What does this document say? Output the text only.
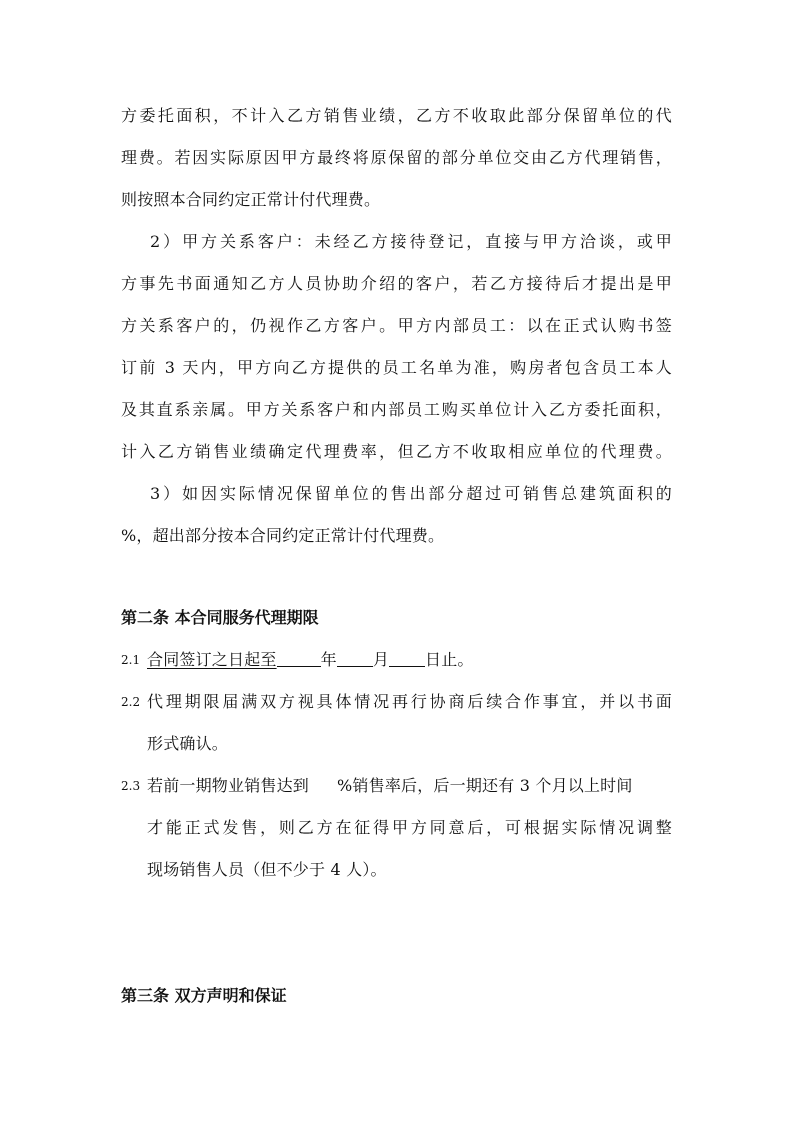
方委托面积，不计入乙方销售业绩，乙方不收取此部分保留单位的代
理费。若因实际原因甲方最终将原保留的部分单位交由乙方代理销售，
则按照本合同约定正常计付代理费。
2）甲方关系客户：未经乙方接待登记，直接与甲方洽谈，或甲
方事先书面通知乙方人员协助介绍的客户，若乙方接待后才提出是甲
方关系客户的，仍视作乙方客户。甲方内部员工：以在正式认购书签
订前 3 天内，甲方向乙方提供的员工名单为准，购房者包含员工本人
及其直系亲属。甲方关系客户和内部员工购买单位计入乙方委托面积，
计入乙方销售业绩确定代理费率，但乙方不收取相应单位的代理费。
3）如因实际情况保留单位的售出部分超过可销售总建筑面积的
%，超出部分按本合同约定正常计付代理费。
第二条 本合同服务代理期限
2.1 合同签订之日起至	年 月 日止。
2.2 代理期限届满双方视具体情况再行协商后续合作事宜，并以书面
形式确认。
2.3 若前一期物业销售达到 %销售率后，后一期还有 3 个月以上时间
才能正式发售，则乙方在征得甲方同意后，可根据实际情况调整
现场销售人员（但不少于 4 人）。
第三条 双方声明和保证
